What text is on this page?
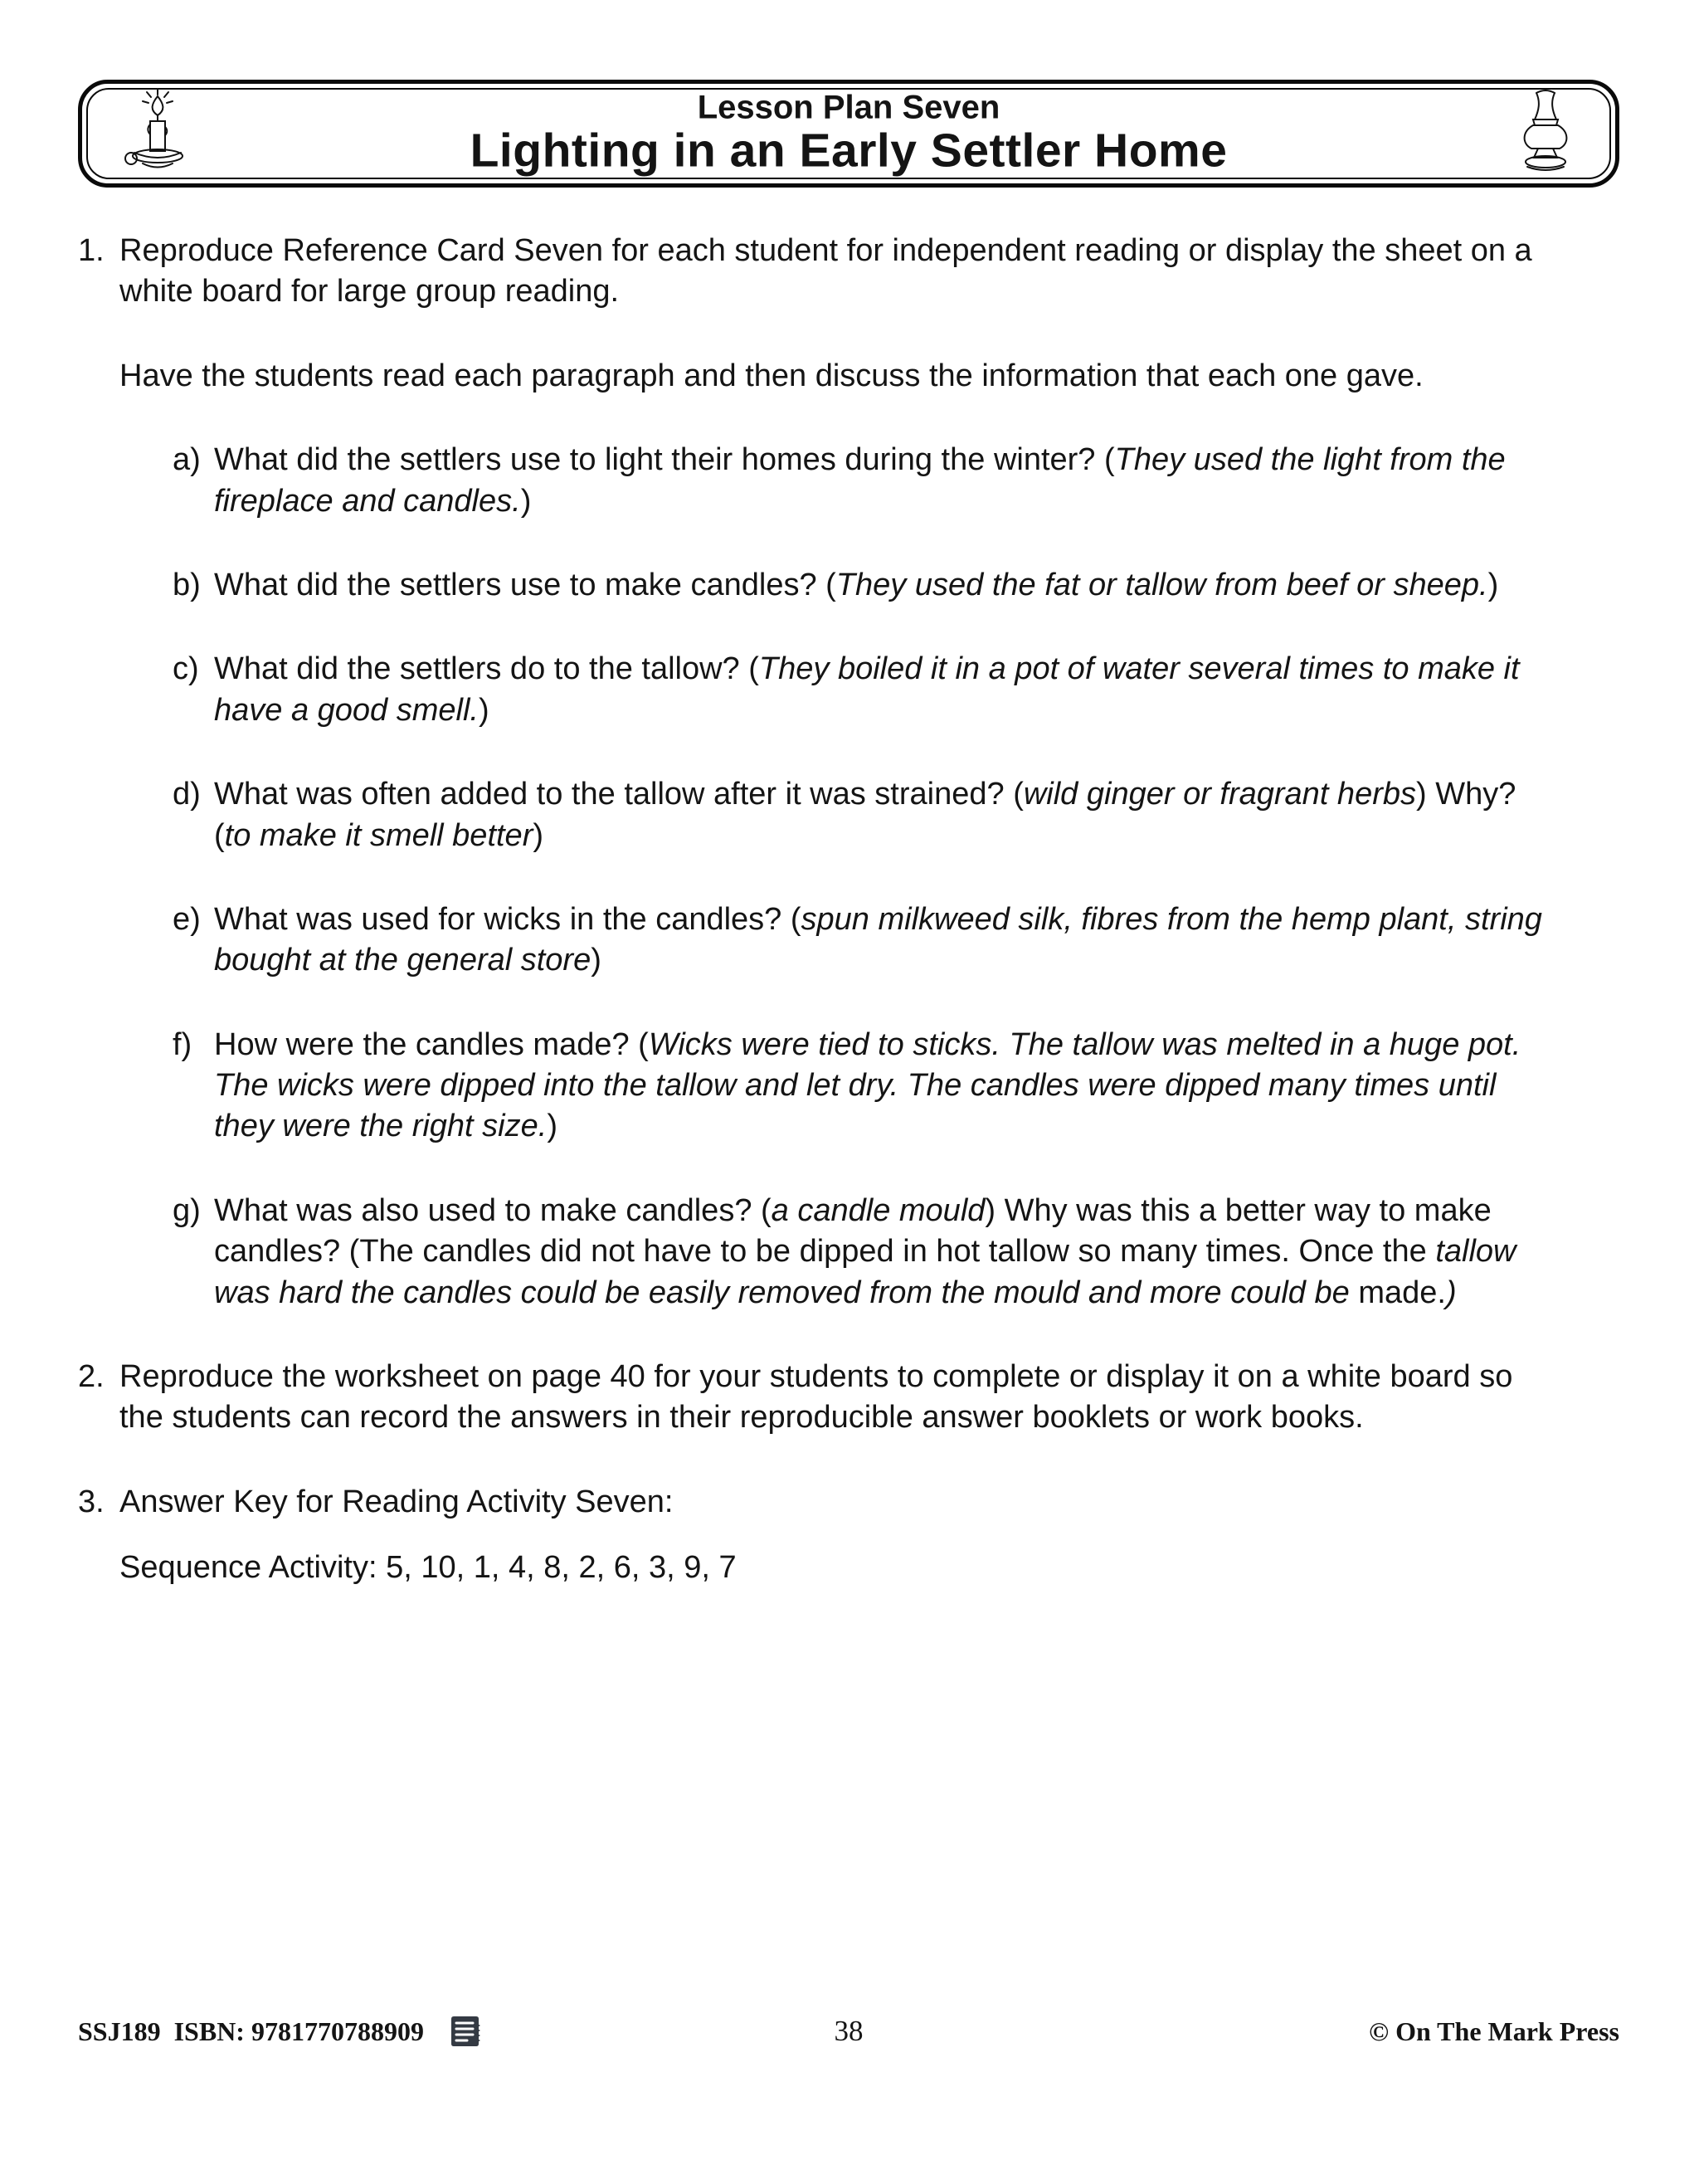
Lesson Plan Seven
Lighting in an Early Settler Home
1. Reproduce Reference Card Seven for each student for independent reading or display the sheet on a white board for large group reading.

Have the students read each paragraph and then discuss the information that each one gave.

a) What did the settlers use to light their homes during the winter? (They used the light from the fireplace and candles.)
b) What did the settlers use to make candles? (They used the fat or tallow from beef or sheep.)
c) What did the settlers do to the tallow? (They boiled it in a pot of water several times to make it have a good smell.)
d) What was often added to the tallow after it was strained? (wild ginger or fragrant herbs) Why? (to make it smell better)
e) What was used for wicks in the candles? (spun milkweed silk, fibres from the hemp plant, string bought at the general store)
f) How were the candles made? (Wicks were tied to sticks. The tallow was melted in a huge pot. The wicks were dipped into the tallow and let dry. The candles were dipped many times until they were the right size.)
g) What was also used to make candles? (a candle mould) Why was this a better way to make candles? (The candles did not have to be dipped in hot tallow so many times. Once the tallow was hard the candles could be easily removed from the mould and more could be made.)
2. Reproduce the worksheet on page 40 for your students to complete or display it on a white board so the students can record the answers in their reproducible answer booklets or work books.

3. Answer Key for Reading Activity Seven:

Sequence Activity: 5, 10, 1, 4, 8, 2, 6, 3, 9, 7

SSJ189  ISBN: 9781770788909

	38	© On The Mark Press
